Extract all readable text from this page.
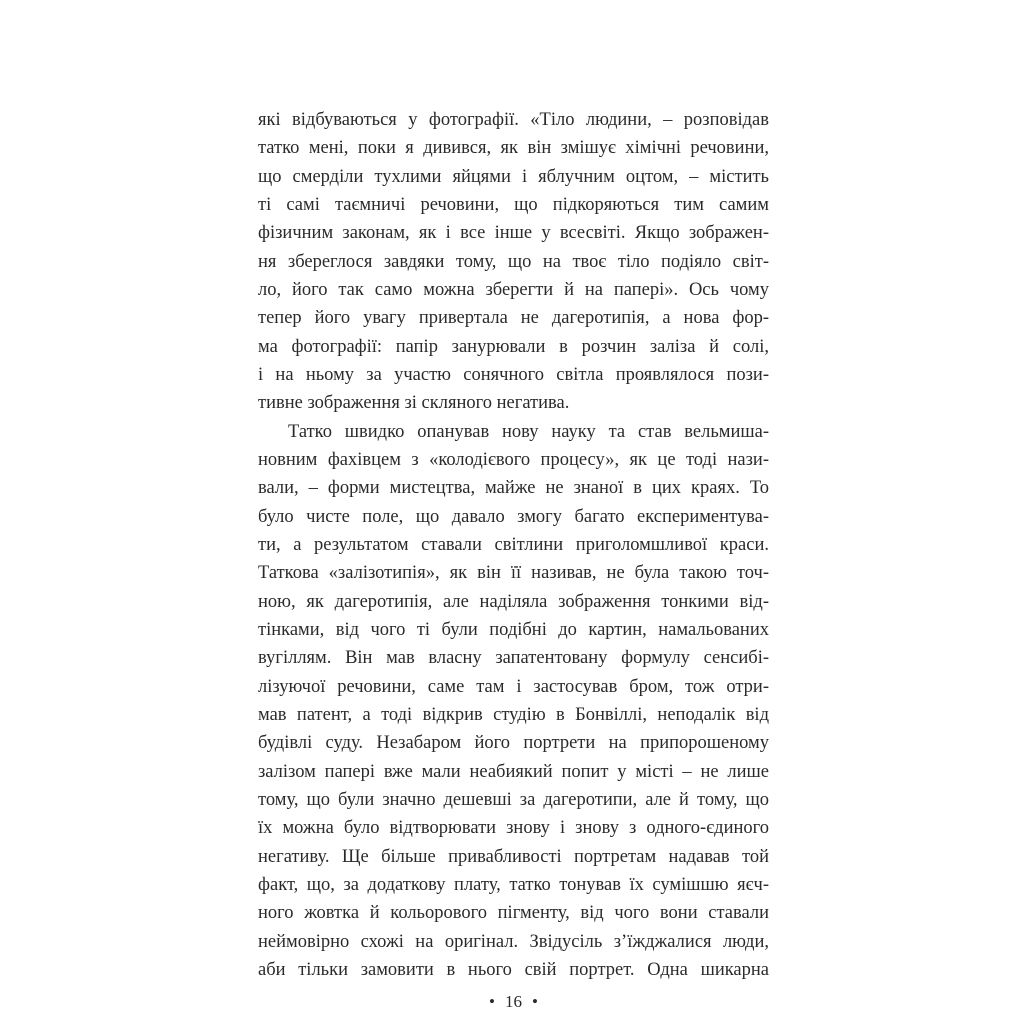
які відбуваються у фотографії. «Тіло людини, – розповідав
татко мені, поки я дивився, як він змішує хімічні речовини,
що смерділи тухлими яйцями і яблучним оцтом, – містить
ті самі таємничі речовини, що підкоряються тим самим
фізичним законам, як і все інше у всесвіті. Якщо зображен-
ня збереглося завдяки тому, що на твоє тіло подіяло світ-
ло, його так само можна зберегти й на папері». Ось чому
тепер його увагу привертала не дагеротипія, а нова фор-
ма фотографії: папір занурювали в розчин заліза й солі,
і на ньому за участю сонячного світла проявлялося пози-
тивне зображення зі скляного негатива.
Татко швидко опанував нову науку та став вельмиша-
новним фахівцем з «колодієвого процесу», як це тоді нази-
вали, – форми мистецтва, майже не знаної в цих краях. То
було чисте поле, що давало змогу багато експериментува-
ти, а результатом ставали світлини приголомшливої краси.
Таткова «залізотипія», як він її називав, не була такою точ-
ною, як дагеротипія, але наділяла зображення тонкими від-
тінками, від чого ті були подібні до картин, намальованих
вугіллям. Він мав власну запатентовану формулу сенсибі-
лізуючої речовини, саме там і застосував бром, тож отри-
мав патент, а тоді відкрив студію в Бонвіллі, неподалік від
будівлі суду. Незабаром його портрети на припорошеному
залізом папері вже мали неабиякий попит у місті – не лише
тому, що були значно дешевші за дагеротипи, але й тому, що
їх можна було відтворювати знову і знову з одного-єдиного
негативу. Ще більше привабливості портретам надавав той
факт, що, за додаткову плату, татко тонував їх сумішшю яєч-
ного жовтка й кольорового пігменту, від чого вони ставали
неймовірно схожі на оригінал. Звідусіль з’їжджалися люди,
аби тільки замовити в нього свій портрет. Одна шикарна
• 16 •
